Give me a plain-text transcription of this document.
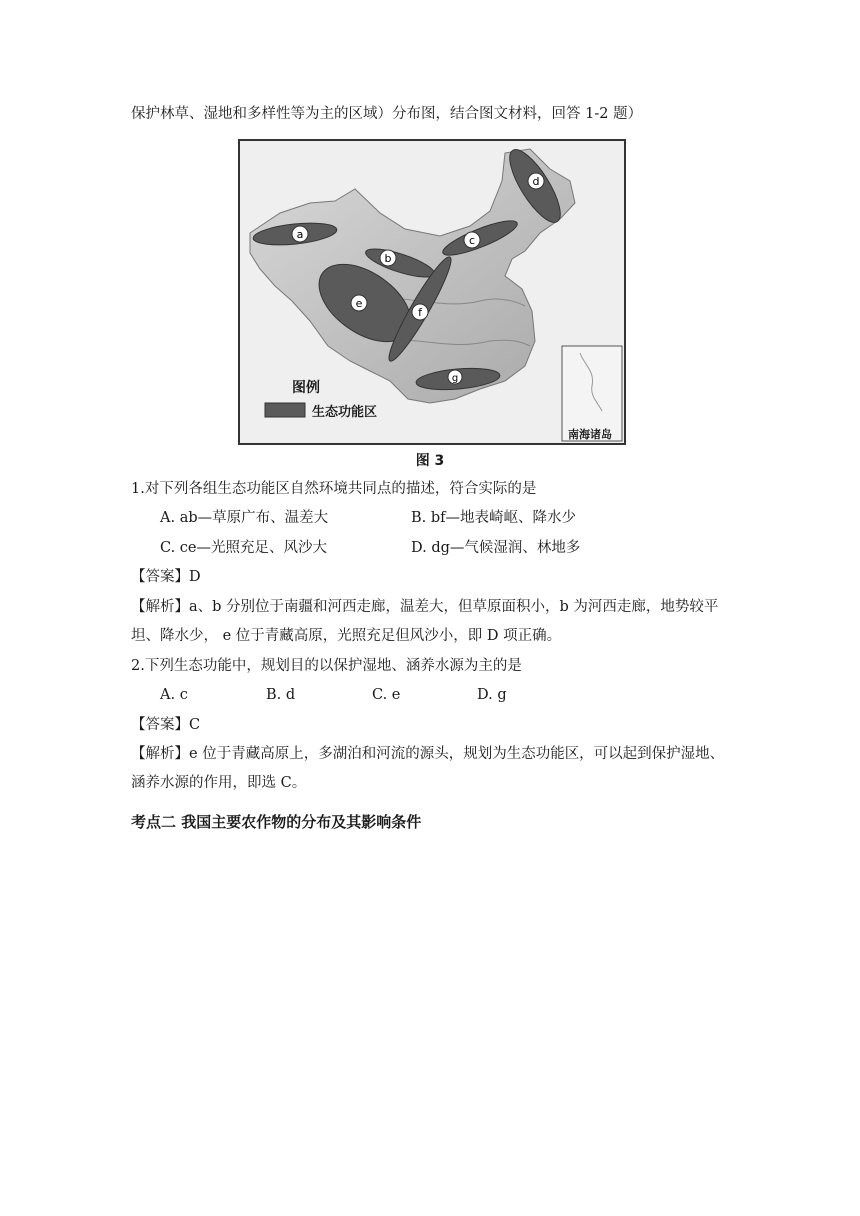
保护林草、湿地和多样性等为主的区域）分布图，结合图文材料，回答 1-2 题）
a
b
c
d
e
f
g
图例
生态功能区
南海诸岛
图 3
1.对下列各组生态功能区自然环境共同点的描述，符合实际的是
A. ab—草原广布、温差大	B. bf—地表崎岖、降水少
C. ce—光照充足、风沙大	D. dg—气候湿润、林地多
【答案】D
【解析】a、b 分别位于南疆和河西走廊，温差大，但草原面积小，b 为河西走廊，地势较平
坦、降水少， e 位于青藏高原，光照充足但风沙小，即 D 项正确。
2.下列生态功能中，规划目的以保护湿地、涵养水源为主的是
A. c	B. d	C. e	D. g
【答案】C
【解析】e 位于青藏高原上，多湖泊和河流的源头，规划为生态功能区，可以起到保护湿地、
涵养水源的作用，即选 C。
考点二 我国主要农作物的分布及其影响条件
